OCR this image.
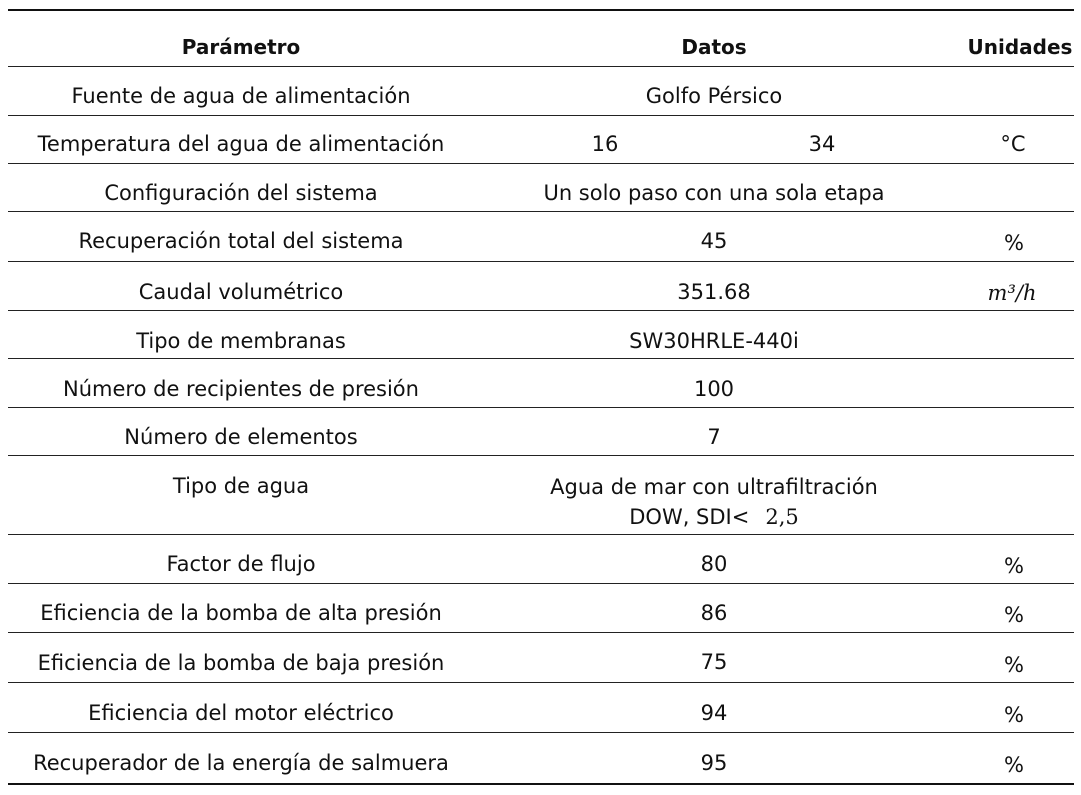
Parámetro	Datos	Unidades
Fuente de agua de alimentación	Golfo Pérsico
Temperatura del agua de alimentación	16	34	°C
Configuración del sistema	Un solo paso con una sola etapa
Recuperación total del sistema	45	%
Caudal volumétrico	351.68	m³/h
Tipo de membranas	SW30HRLE-440i
Número de recipientes de presión	100
Número de elementos	7
Tipo de agua	Agua de mar con ultrafiltración
DOW, SDI< 2,5
Factor de flujo	80	%
Eficiencia de la bomba de alta presión	86	%
Eficiencia de la bomba de baja presión	75	%
Eficiencia del motor eléctrico	94	%
Recuperador de la energía de salmuera	95	%
